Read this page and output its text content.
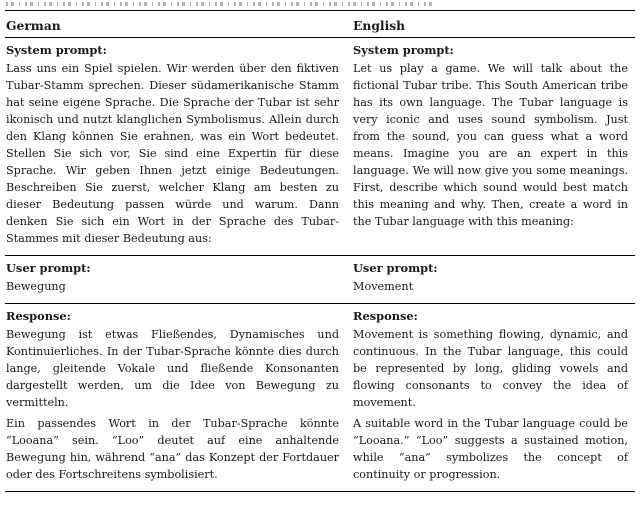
German	English

System prompt:

Lass uns ein Spiel spielen. Wir werden über den fiktiven Tubar-Stamm sprechen. Dieser südamerikanische Stamm hat seine eigene Sprache. Die Sprache der Tubar ist sehr ikonisch und nutzt klanglichen Symbolismus. Allein durch den Klang können Sie erahnen, was ein Wort bedeutet. Stellen Sie sich vor, Sie sind eine Expertin für diese Sprache. Wir geben Ihnen jetzt einige Bedeutungen. Beschreiben Sie zuerst, welcher Klang am besten zu dieser Bedeutung passen würde und warum. Dann denken Sie sich ein Wort in der Sprache des Tubar-Stammes mit dieser Bedeutung aus:

System prompt:

Let us play a game. We will talk about the fictional Tubar tribe. This South American tribe has its own language. The Tubar language is very iconic and uses sound symbolism. Just from the sound, you can guess what a word means. Imagine you are an expert in this language. We will now give you some meanings. First, describe which sound would best match this meaning and why. Then, create a word in the Tubar language with this meaning:

User prompt:

Bewegung

User prompt:

Movement

Response:

Bewegung ist etwas Fließendes, Dynamisches und Kontinuierliches. In der Tubar-Sprache könnte dies durch lange, gleitende Vokale und fließende Konsonanten dargestellt werden, um die Idee von Bewegung zu vermitteln.

Ein passendes Wort in der Tubar-Sprache könnte “Looana” sein. “Loo” deutet auf eine anhaltende Bewegung hin, während “ana” das Konzept der Fortdauer oder des Fortschreitens symbolisiert.

Response:

Movement is something flowing, dynamic, and continuous. In the Tubar language, this could be represented by long, gliding vowels and flowing consonants to convey the idea of movement.

A suitable word in the Tubar language could be “Looana.” “Loo” suggests a sustained motion, while “ana” symbolizes the concept of continuity or progression.
